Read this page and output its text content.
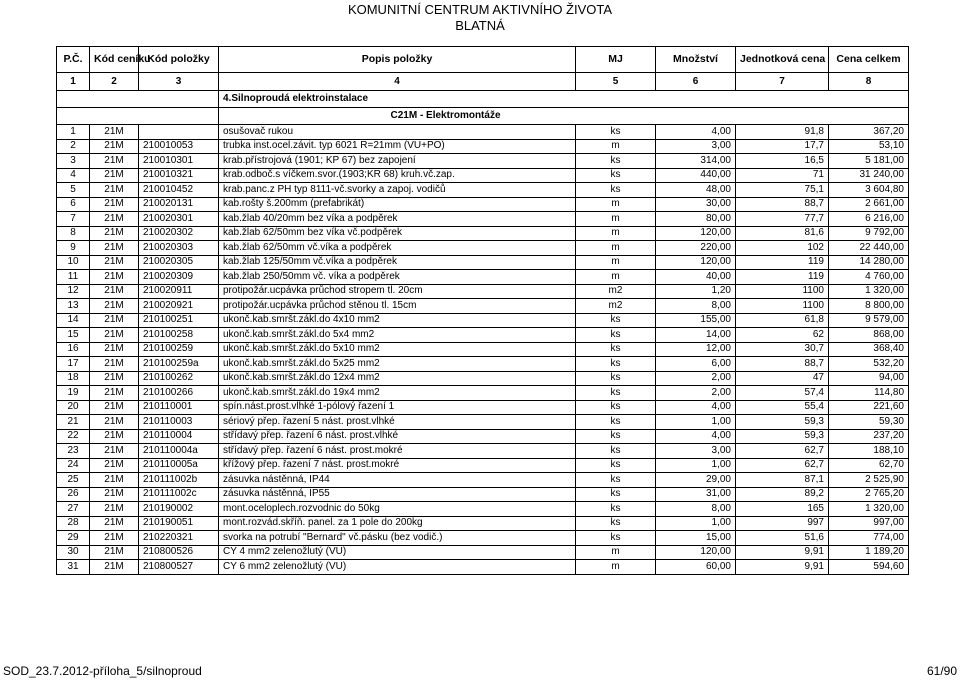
KOMUNITNÍ CENTRUM AKTIVNÍHO ŽIVOTA
BLATNÁ
P.Č.	Kód ceníku	Kód položky	Popis položky	MJ	Množství	Jednotková cena	Cena celkem
1	2	3	4	5	6	7	8
			4.Silnoproudá elektroinstalace				
			C21M - Elektromontáže				
1	21M		osušovač rukou	ks	4,00	91,8	367,20
2	21M	210010053	trubka inst.ocel.závit. typ 6021 R=21mm (VU+PO)	m	3,00	17,7	53,10
3	21M	210010301	krab.přístrojová (1901; KP 67) bez zapojení	ks	314,00	16,5	5 181,00
4	21M	210010321	krab.odboč.s víčkem.svor.(1903;KR 68) kruh.vč.zap.	ks	440,00	71	31 240,00
5	21M	210010452	krab.panc.z PH typ 8111-vč.svorky a zapoj. vodičů	ks	48,00	75,1	3 604,80
6	21M	210020131	kab.rošty š.200mm (prefabrikát)	m	30,00	88,7	2 661,00
7	21M	210020301	kab.žlab 40/20mm bez víka a podpěrek	m	80,00	77,7	6 216,00
8	21M	210020302	kab.žlab 62/50mm bez víka vč.podpěrek	m	120,00	81,6	9 792,00
9	21M	210020303	kab.žlab 62/50mm vč.víka a podpěrek	m	220,00	102	22 440,00
10	21M	210020305	kab.žlab 125/50mm vč.víka a podpěrek	m	120,00	119	14 280,00
11	21M	210020309	kab.žlab 250/50mm vč. víka a podpěrek	m	40,00	119	4 760,00
12	21M	210020911	protipožár.ucpávka průchod stropem tl. 20cm	m2	1,20	1100	1 320,00
13	21M	210020921	protipožár.ucpávka průchod stěnou tl. 15cm	m2	8,00	1100	8 800,00
14	21M	210100251	ukonč.kab.smršt.zákl.do 4x10 mm2	ks	155,00	61,8	9 579,00
15	21M	210100258	ukonč.kab.smršt.zákl.do 5x4 mm2	ks	14,00	62	868,00
16	21M	210100259	ukonč.kab.smršt.zákl.do 5x10 mm2	ks	12,00	30,7	368,40
17	21M	210100259a	ukonč.kab.smršt.zákl.do 5x25 mm2	ks	6,00	88,7	532,20
18	21M	210100262	ukonč.kab.smršt.zákl.do 12x4 mm2	ks	2,00	47	94,00
19	21M	210100266	ukonč.kab.smršt.zákl.do 19x4 mm2	ks	2,00	57,4	114,80
20	21M	210110001	spín.nást.prost.vlhké 1-pólový řazení 1	ks	4,00	55,4	221,60
21	21M	210110003	sériový přep. řazení 5 nást. prost.vlhké	ks	1,00	59,3	59,30
22	21M	210110004	střídavý přep. řazení 6 nást. prost.vlhké	ks	4,00	59,3	237,20
23	21M	210110004a	střídavý přep. řazení 6 nást. prost.mokré	ks	3,00	62,7	188,10
24	21M	210110005a	křížový přep. řazení 7 nást. prost.mokré	ks	1,00	62,7	62,70
25	21M	210111002b	zásuvka nástěnná, IP44	ks	29,00	87,1	2 525,90
26	21M	210111002c	zásuvka nástěnná, IP55	ks	31,00	89,2	2 765,20
27	21M	210190002	mont.oceloplech.rozvodnic do 50kg	ks	8,00	165	1 320,00
28	21M	210190051	mont.rozvád.skříň. panel. za 1 pole do 200kg	ks	1,00	997	997,00
29	21M	210220321	svorka na potrubí "Bernard" vč.pásku (bez vodič.)	ks	15,00	51,6	774,00
30	21M	210800526	CY 4 mm2 zelenožlutý (VU)	m	120,00	9,91	1 189,20
31	21M	210800527	CY 6 mm2 zelenožlutý (VU)	m	60,00	9,91	594,60
SOD_23.7.2012-příloha_5/silnoproud	61/90
